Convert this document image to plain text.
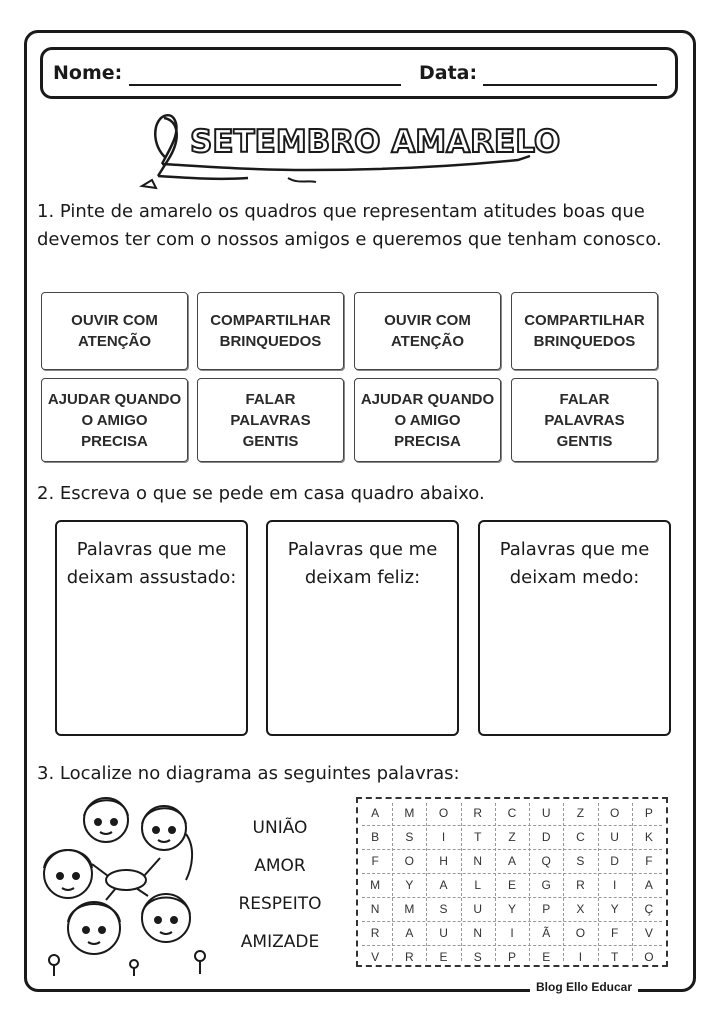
Nome:	Data:
SETEMBRO AMARELO
1. Pinte de amarelo os quadros que representam atitudes boas que devemos ter com o nossos amigos e queremos que tenham conosco.
OUVIR COM
ATENÇÃO
COMPARTILHAR
BRINQUEDOS
OUVIR COM
ATENÇÃO
COMPARTILHAR
BRINQUEDOS
AJUDAR QUANDO
O AMIGO
PRECISA
FALAR
PALAVRAS
GENTIS
AJUDAR QUANDO
O AMIGO
PRECISA
FALAR
PALAVRAS
GENTIS
2. Escreva o que se pede em casa quadro abaixo.
Palavras que me
deixam assustado:
Palavras que me
deixam feliz:
Palavras que me
deixam medo:
3. Localize no diagrama as seguintes palavras:
UNIÃO
AMOR
RESPEITO
AMIZADE
A	M	O	R	C	U	Z	O	P
B	S	I	T	Z	D	C	U	K
F	O	H	N	A	Q	S	D	F
M	Y	A	L	E	G	R	I	A
N	M	S	U	Y	P	X	Y	Ç
R	A	U	N	I	Ã	O	F	V
V	R	E	S	P	E	I	T	O
Blog Ello Educar
